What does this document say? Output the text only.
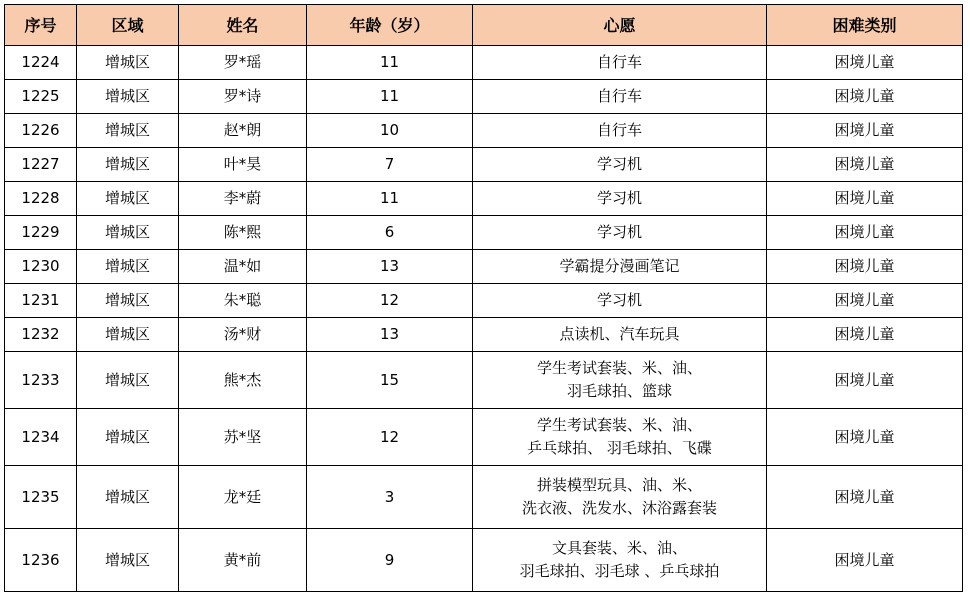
序号	区域	姓名	年龄（岁）	心愿	困难类别
1224	增城区	罗*瑶	11	自行车	困境儿童
1225	增城区	罗*诗	11	自行车	困境儿童
1226	增城区	赵*朗	10	自行车	困境儿童
1227	增城区	叶*昊	7	学习机	困境儿童
1228	增城区	李*蔚	11	学习机	困境儿童
1229	增城区	陈*熙	6	学习机	困境儿童
1230	增城区	温*如	13	学霸提分漫画笔记	困境儿童
1231	增城区	朱*聪	12	学习机	困境儿童
1232	增城区	汤*财	13	点读机、汽车玩具	困境儿童
1233	增城区	熊*杰	15	学生考试套装、米、油、
羽毛球拍、篮球	困境儿童
1234	增城区	苏*坚	12	学生考试套装、米、油、
乒乓球拍、 羽毛球拍、飞碟	困境儿童
1235	增城区	龙*廷	3	拼装模型玩具、油、米、
洗衣液、洗发水、沐浴露套装	困境儿童
1236	增城区	黄*前	9	文具套装、米、油、
羽毛球拍、羽毛球 、乒乓球拍	困境儿童
